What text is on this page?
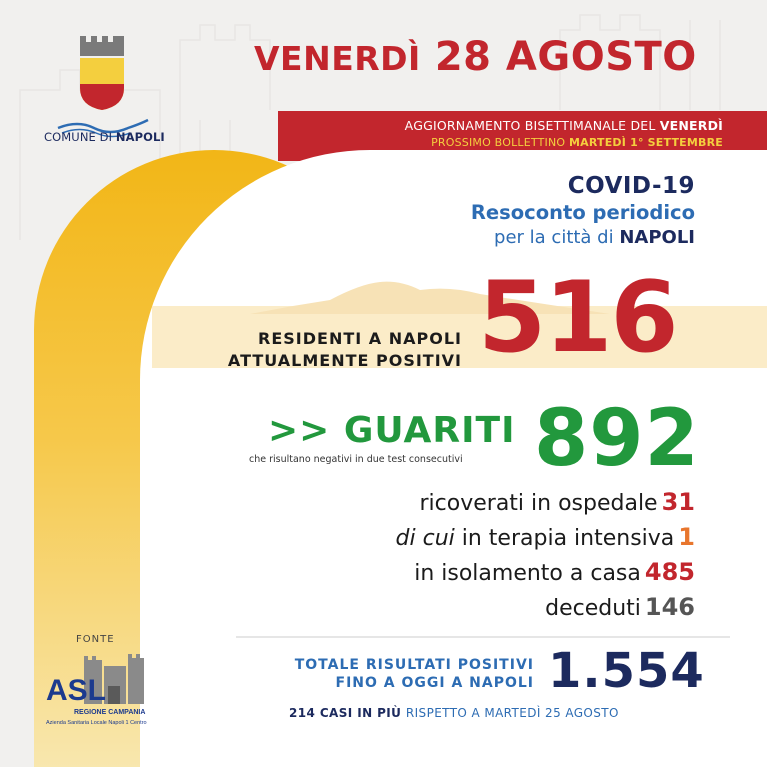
COMUNE DI NAPOLI
VENERDÌ 28 AGOSTO
AGGIORNAMENTO BISETTIMANALE DEL VENERDÌ
PROSSIMO BOLLETTINO MARTEDÌ 1° SETTEMBRE
COVID-19
Resoconto periodico
per la città di NAPOLI
RESIDENTI A NAPOLI
ATTUALMENTE POSITIVI 516
>> GUARITI
che risultano negativi in due test consecutivi 892
ricoverati in ospedale 31
di cui in terapia intensiva 1
in isolamento a casa 485
deceduti 146
TOTALE RISULTATI POSITIVI
FINO A OGGI A NAPOLI 1.554
214 CASI IN PIÙ RISPETTO A MARTEDÌ 25 AGOSTO
FONTE
ASL
REGIONE CAMPANIA
Azienda Sanitaria Locale Napoli 1 Centro
